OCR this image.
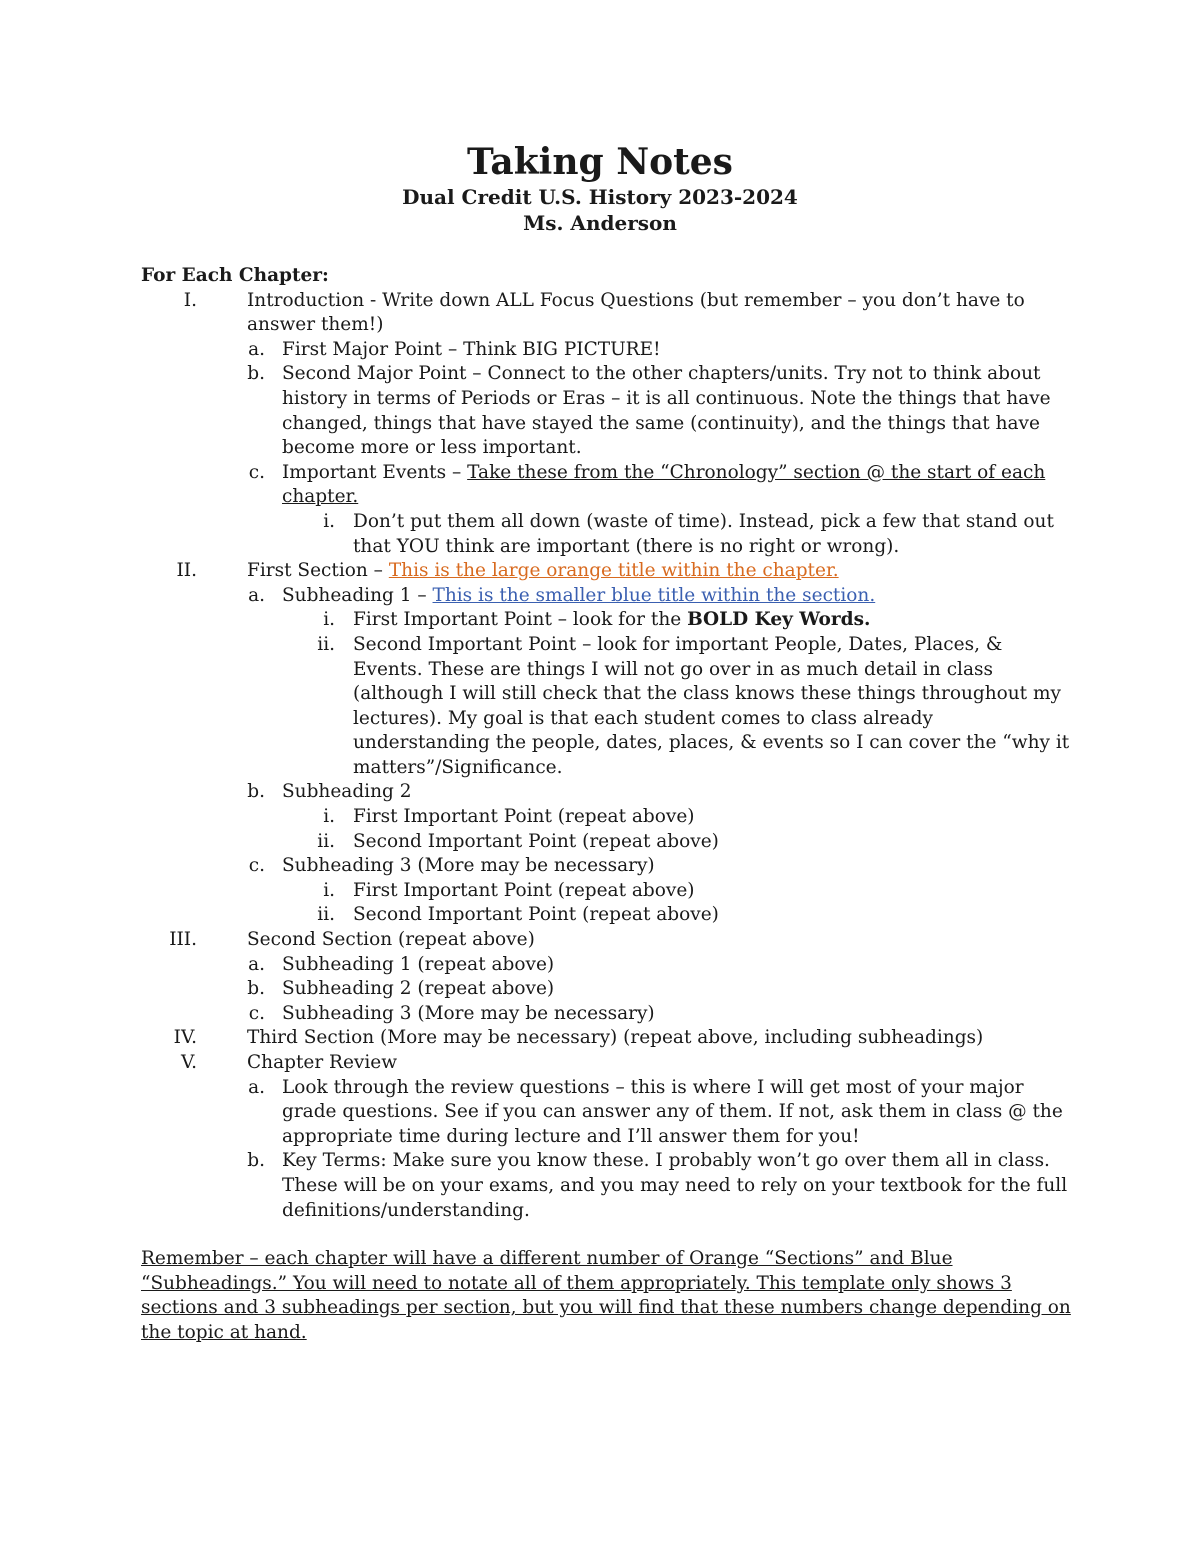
Taking Notes

Dual Credit U.S. History 2023-2024

Ms. Anderson

For Each Chapter:

I.	Introduction - Write down ALL Focus Questions (but remember – you don’t have to answer them!)
a. First Major Point – Think BIG PICTURE!
b. Second Major Point – Connect to the other chapters/units. Try not to think about history in terms of Periods or Eras – it is all continuous. Note the things that have changed, things that have stayed the same (continuity), and the things that have become more or less important.
c. Important Events – Take these from the “Chronology” section @ the start of each chapter.
i. Don’t put them all down (waste of time). Instead, pick a few that stand out that YOU think are important (there is no right or wrong).
II.	First Section – This is the large orange title within the chapter.
a. Subheading 1 – This is the smaller blue title within the section.
i. First Important Point – look for the BOLD Key Words.
ii. Second Important Point – look for important People, Dates, Places, & Events. These are things I will not go over in as much detail in class (although I will still check that the class knows these things throughout my lectures). My goal is that each student comes to class already understanding the people, dates, places, & events so I can cover the “why it matters”/Significance.
b. Subheading 2
i. First Important Point (repeat above)
ii. Second Important Point (repeat above)
c. Subheading 3 (More may be necessary)
i. First Important Point (repeat above)
ii. Second Important Point (repeat above)
III.	Second Section (repeat above)
a. Subheading 1 (repeat above)
b. Subheading 2 (repeat above)
c. Subheading 3 (More may be necessary)
IV.	Third Section (More may be necessary) (repeat above, including subheadings)
V.	Chapter Review
a. Look through the review questions – this is where I will get most of your major grade questions. See if you can answer any of them. If not, ask them in class @ the appropriate time during lecture and I’ll answer them for you!
b. Key Terms: Make sure you know these. I probably won’t go over them all in class. These will be on your exams, and you may need to rely on your textbook for the full definitions/understanding.

Remember – each chapter will have a different number of Orange “Sections” and Blue “Subheadings.” You will need to notate all of them appropriately. This template only shows 3 sections and 3 subheadings per section, but you will find that these numbers change depending on the topic at hand.
